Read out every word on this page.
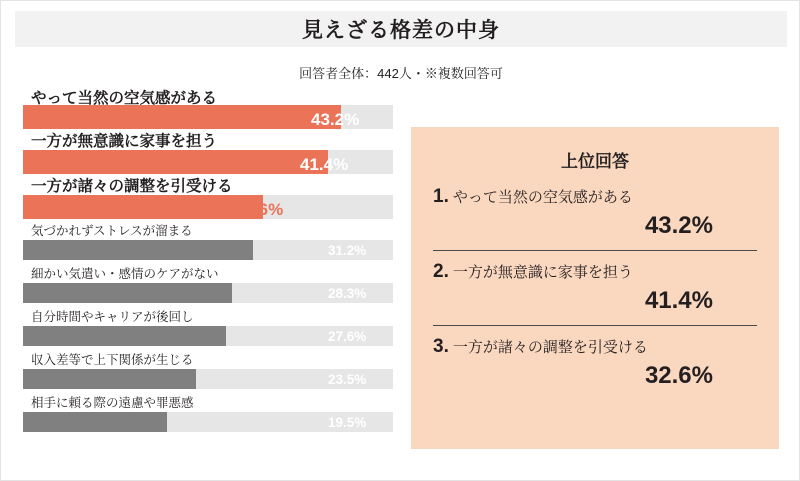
見えざる格差の中身
回答者全体：442人・※複数回答可
やって当然の空気感がある
43.2%
一方が無意識に家事を担う
41.4%
一方が諸々の調整を引受ける
32.6%
気づかれずストレスが溜まる
31.2%
細かい気遣い・感情のケアがない
28.3%
自分時間やキャリアが後回し
27.6%
収入差等で上下関係が生じる
23.5%
相手に頼る際の遠慮や罪悪感
19.5%
上位回答
1. やって当然の空気感がある
43.2%
2. 一方が無意識に家事を担う
41.4%
3. 一方が諸々の調整を引受ける
32.6%
